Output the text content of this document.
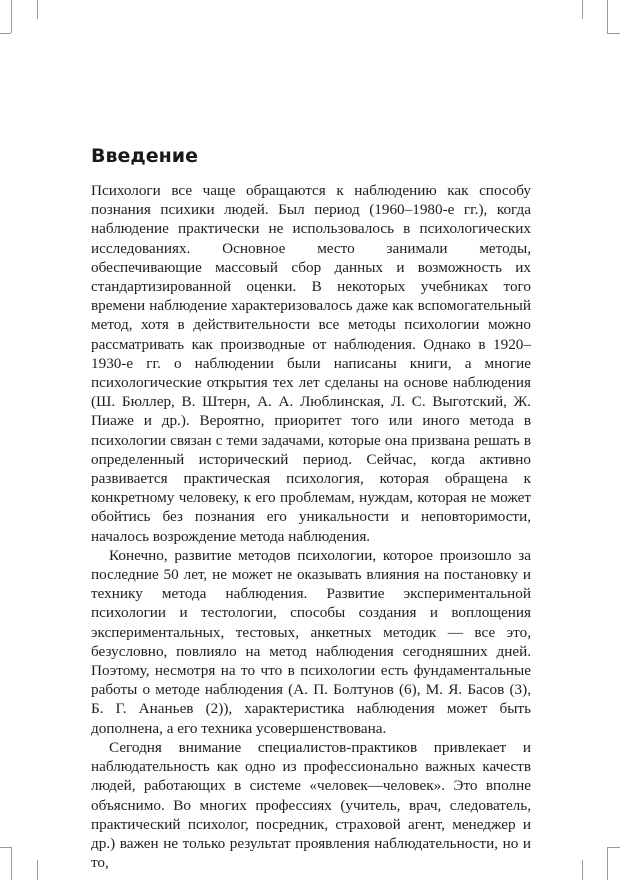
Введение

Психологи все чаще обращаются к наблюдению как способу познания психики людей. Был период (1960–1980-е гг.), когда наблюдение практически не использовалось в психологических исследованиях. Основное место занимали методы, обеспечивающие массовый сбор данных и возможность их стандартизированной оценки. В некоторых учебниках того времени наблюдение характеризовалось даже как вспомогательный метод, хотя в действительности все методы психологии можно рассматривать как производные от наблюдения. Однако в 1920–1930-е гг. о наблюдении были написаны книги, а многие психологические открытия тех лет сделаны на основе наблюдения (Ш. Бюллер, В. Штерн, А. А. Люблинская, Л. С. Выготский, Ж. Пиаже и др.). Вероятно, приоритет того или иного метода в психологии связан с теми задачами, которые она призвана решать в определенный исторический период. Сейчас, когда активно развивается практическая психология, которая обращена к конкретному человеку, к его проблемам, нуждам, которая не может обойтись без познания его уникальности и неповторимости, началось возрождение метода наблюдения.

Конечно, развитие методов психологии, которое произошло за последние 50 лет, не может не оказывать влияния на постановку и технику метода наблюдения. Развитие экспериментальной психологии и тестологии, способы создания и воплощения экспериментальных, тестовых, анкетных методик — все это, безусловно, повлияло на метод наблюдения сегодняшних дней. Поэтому, несмотря на то что в психологии есть фундаментальные работы о методе наблюдения (А. П. Болтунов (6), М. Я. Басов (3), Б. Г. Ананьев (2)), характеристика наблюдения может быть дополнена, а его техника усовершенствована.

Сегодня внимание специалистов-практиков привлекает и наблюдательность как одно из профессионально важных качеств людей, работающих в системе «человек—человек». Это вполне объяснимо. Во многих профессиях (учитель, врач, следователь, практический психолог, посредник, страховой агент, менеджер и др.) важен не только результат проявления наблюдательности, но и то,
